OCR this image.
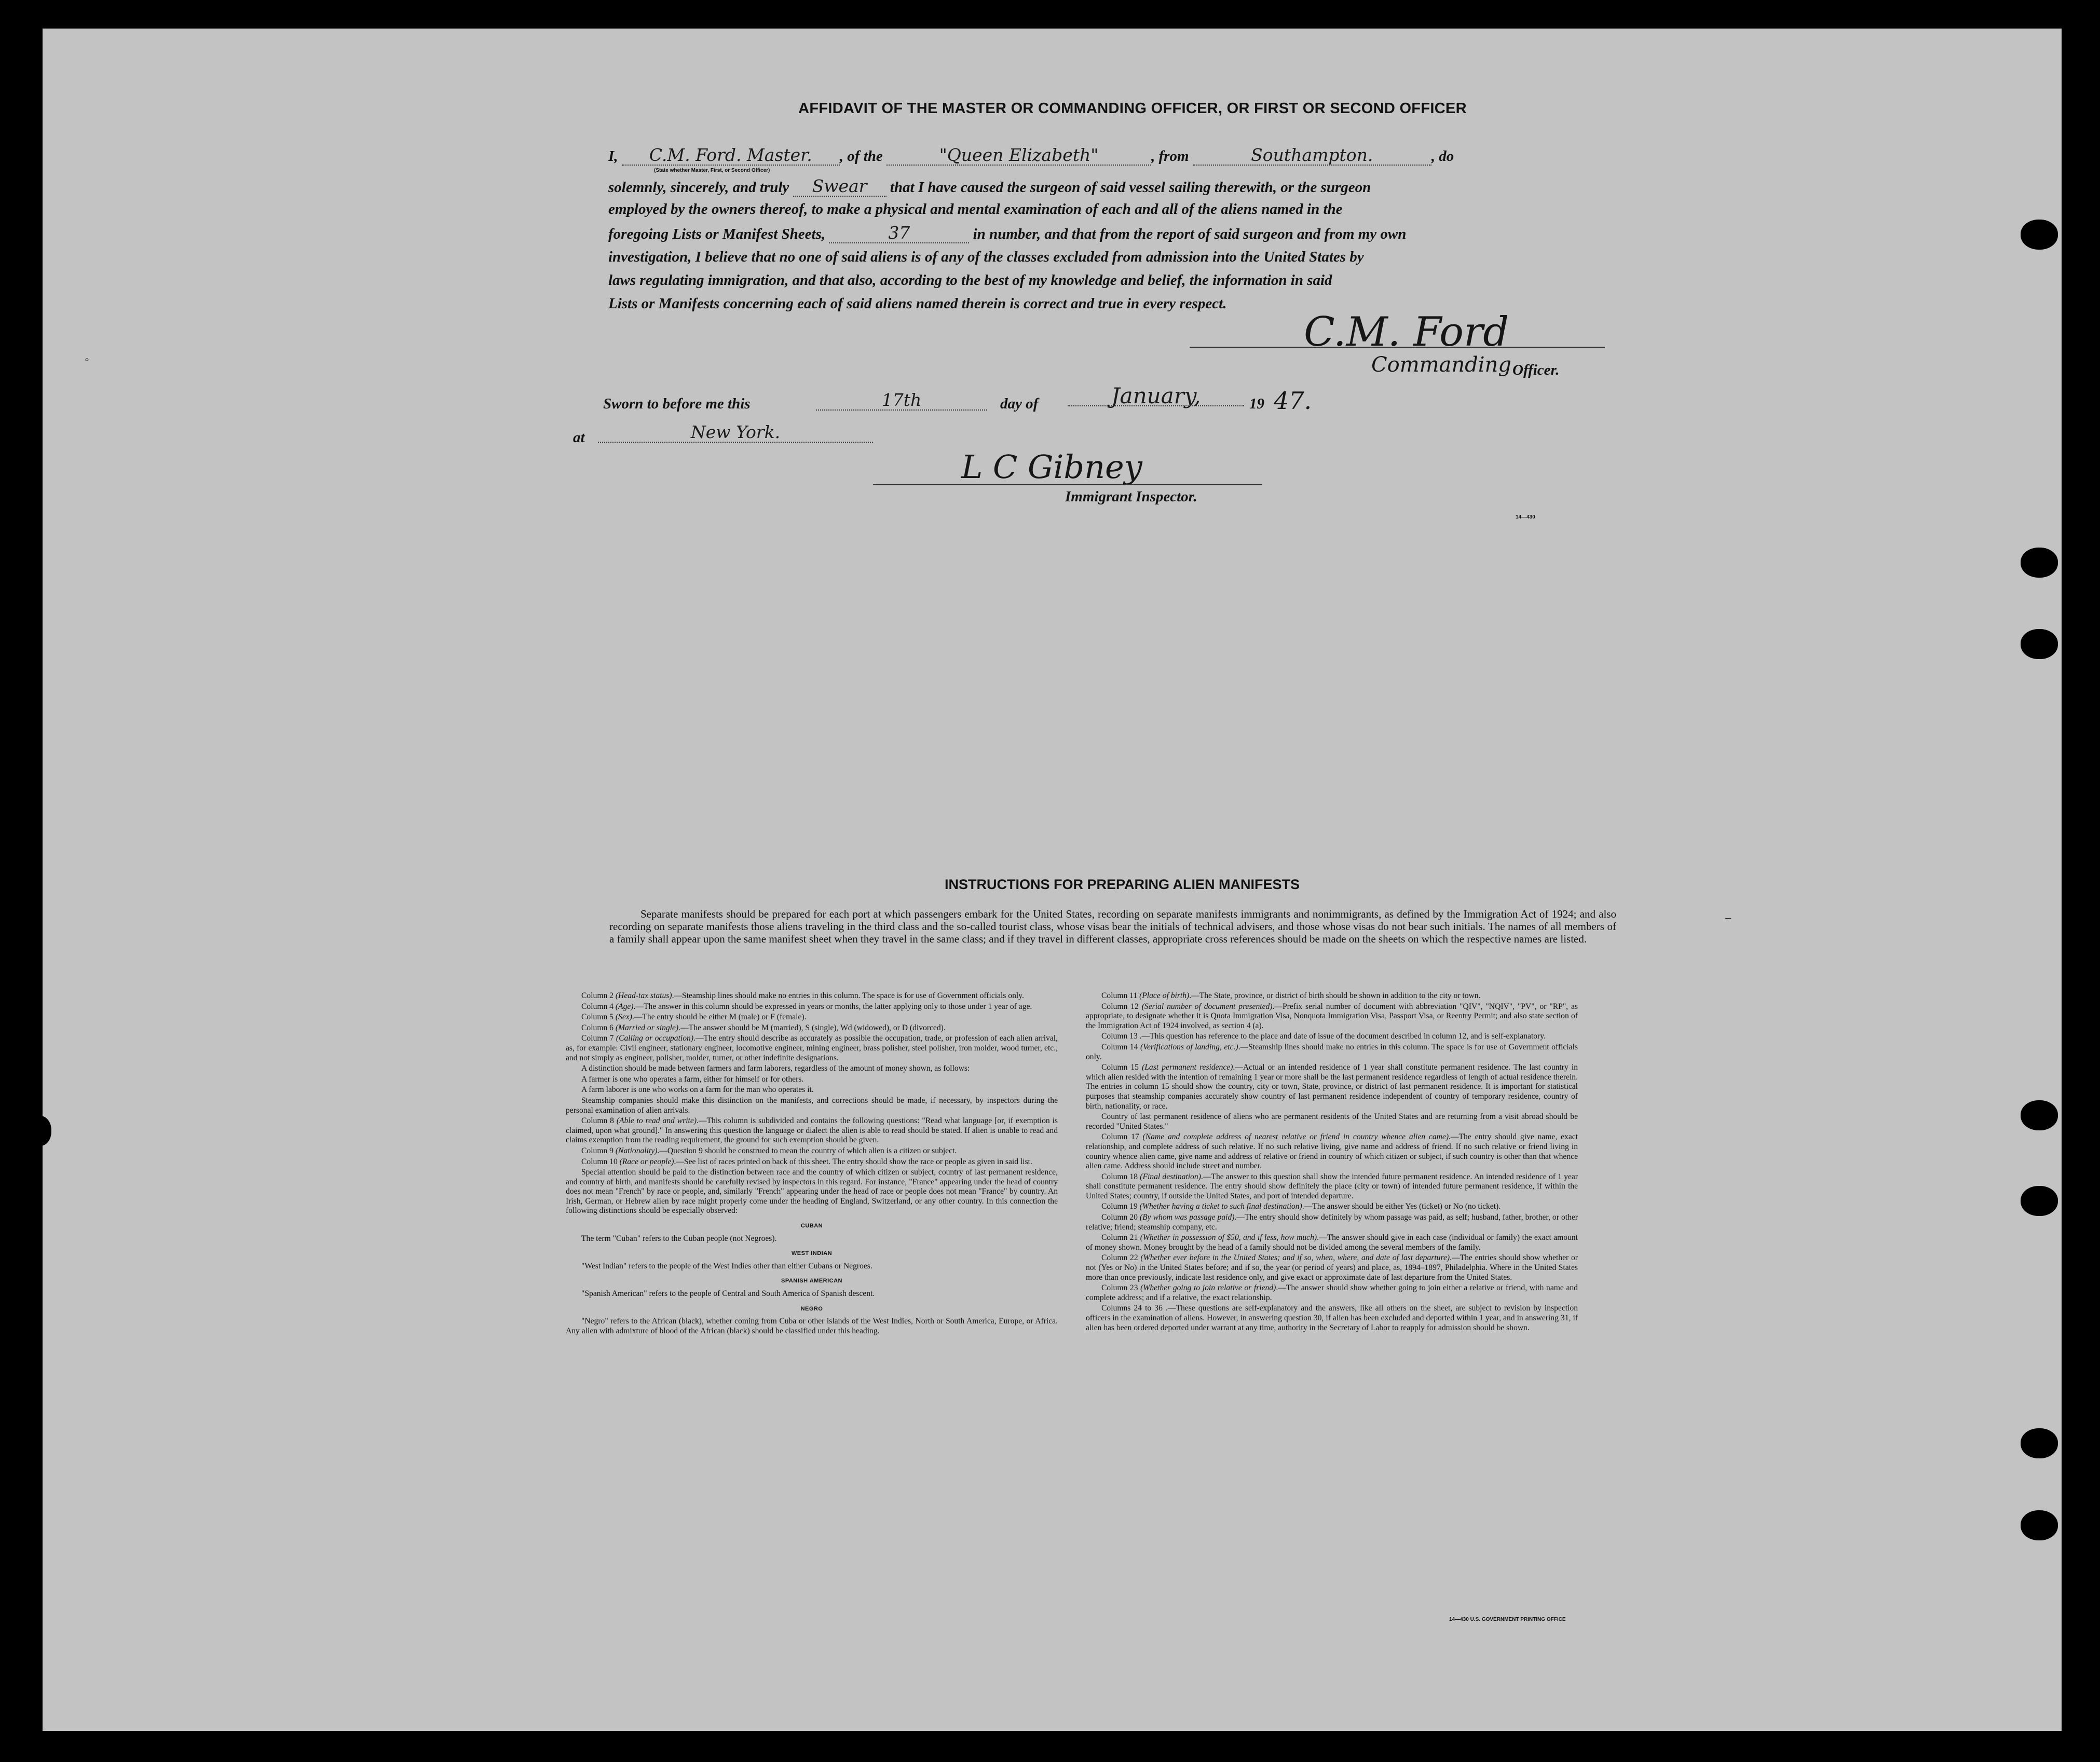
AFFIDAVIT OF THE MASTER OR COMMANDING OFFICER, OR FIRST OR SECOND OFFICER
I, C.M. Ford. Master. , of the	"Queen Elizabeth"	, from	Southampton.	, do
(State whether Master, First, or Second Officer)
solemnly, sincerely, and truly Swear that I have caused the surgeon of said vessel sailing therewith, or the surgeon
employed by the owners thereof, to make a physical and mental examination of each and all of the aliens named in the
foregoing Lists or Manifest Sheets,	37	in number, and that from the report of said surgeon and from my own
investigation, I believe that no one of said aliens is of any of the classes excluded from admission into the United States by
laws regulating immigration, and that also, according to the best of my knowledge and belief, the information in said
Lists or Manifests concerning each of said aliens named therein is correct and true in every respect.
C.M. Ford
Commanding Officer.
Sworn to before me this	17th	day of	January,	19 47.
at	New York.
L C Gibney
Immigrant Inspector.
14—430
∘
_
INSTRUCTIONS FOR PREPARING ALIEN MANIFESTS
Separate manifests should be prepared for each port at which passengers embark for the United States, recording on separate manifests immigrants and nonimmigrants, as defined by the Immigration Act of 1924; and also recording on separate manifests those aliens traveling in the third class and the so-called tourist class, whose visas bear the initials of technical advisers, and those whose visas do not bear such initials. The names of all members of a family shall appear upon the same manifest sheet when they travel in the same class; and if they travel in different classes, appropriate cross references should be made on the sheets on which the respective names are listed.

Column 2 (Head-tax status).—Steamship lines should make no entries in this column. The space is for use of Government officials only.

Column 4 (Age).—The answer in this column should be expressed in years or months, the latter applying only to those under 1 year of age.

Column 5 (Sex).—The entry should be either M (male) or F (female).

Column 6 (Married or single).—The answer should be M (married), S (single), Wd (widowed), or D (divorced).

Column 7 (Calling or occupation).—The entry should describe as accurately as possible the occupation, trade, or profession of each alien arrival, as, for example: Civil engineer, stationary engineer, locomotive engineer, mining engineer, brass polisher, steel polisher, iron molder, wood turner, etc., and not simply as engineer, polisher, molder, turner, or other indefinite designations.

A distinction should be made between farmers and farm laborers, regardless of the amount of money shown, as follows:

A farmer is one who operates a farm, either for himself or for others.

A farm laborer is one who works on a farm for the man who operates it.

Steamship companies should make this distinction on the manifests, and corrections should be made, if necessary, by inspectors during the personal examination of alien arrivals.

Column 8 (Able to read and write).—This column is subdivided and contains the following questions: "Read what language [or, if exemption is claimed, upon what ground]." In answering this question the language or dialect the alien is able to read should be stated. If alien is unable to read and claims exemption from the reading requirement, the ground for such exemption should be given.

Column 9 (Nationality).—Question 9 should be construed to mean the country of which alien is a citizen or subject.

Column 10 (Race or people).—See list of races printed on back of this sheet. The entry should show the race or people as given in said list.

Special attention should be paid to the distinction between race and the country of which citizen or subject, country of last permanent residence, and country of birth, and manifests should be carefully revised by inspectors in this regard. For instance, "France" appearing under the head of country does not mean "French" by race or people, and, similarly "French" appearing under the head of race or people does not mean "France" by country. An Irish, German, or Hebrew alien by race might properly come under the heading of England, Switzerland, or any other country. In this connection the following distinctions should be especially observed:

CUBAN

The term "Cuban" refers to the Cuban people (not Negroes).

WEST INDIAN

"West Indian" refers to the people of the West Indies other than either Cubans or Negroes.

SPANISH AMERICAN

"Spanish American" refers to the people of Central and South America of Spanish descent.

NEGRO

"Negro" refers to the African (black), whether coming from Cuba or other islands of the West Indies, North or South America, Europe, or Africa. Any alien with admixture of blood of the African (black) should be classified under this heading.

Column 11 (Place of birth).—The State, province, or district of birth should be shown in addition to the city or town.

Column 12 (Serial number of document presented).—Prefix serial number of document with abbreviation "QIV", "NQIV", "PV", or "RP", as appropriate, to designate whether it is Quota Immigration Visa, Nonquota Immigration Visa, Passport Visa, or Reentry Permit; and also state section of the Immigration Act of 1924 involved, as section 4 (a).

Column 13 .—This question has reference to the place and date of issue of the document described in column 12, and is self-explanatory.

Column 14 (Verifications of landing, etc.).—Steamship lines should make no entries in this column. The space is for use of Government officials only.

Column 15 (Last permanent residence).—Actual or an intended residence of 1 year shall constitute permanent residence. The last country in which alien resided with the intention of remaining 1 year or more shall be the last permanent residence regardless of length of actual residence therein. The entries in column 15 should show the country, city or town, State, province, or district of last permanent residence. It is important for statistical purposes that steamship companies accurately show country of last permanent residence independent of country of temporary residence, country of birth, nationality, or race.

Country of last permanent residence of aliens who are permanent residents of the United States and are returning from a visit abroad should be recorded "United States."

Column 17 (Name and complete address of nearest relative or friend in country whence alien came).—The entry should give name, exact relationship, and complete address of such relative. If no such relative living, give name and address of friend. If no such relative or friend living in country whence alien came, give name and address of relative or friend in country of which citizen or subject, if such country is other than that whence alien came. Address should include street and number.

Column 18 (Final destination).—The answer to this question shall show the intended future permanent residence. An intended residence of 1 year shall constitute permanent residence. The entry should show definitely the place (city or town) of intended future permanent residence, if within the United States; country, if outside the United States, and port of intended departure.

Column 19 (Whether having a ticket to such final destination).—The answer should be either Yes (ticket) or No (no ticket).

Column 20 (By whom was passage paid).—The entry should show definitely by whom passage was paid, as self; husband, father, brother, or other relative; friend; steamship company, etc.

Column 21 (Whether in possession of $50, and if less, how much).—The answer should give in each case (individual or family) the exact amount of money shown. Money brought by the head of a family should not be divided among the several members of the family.

Column 22 (Whether ever before in the United States; and if so, when, where, and date of last departure).—The entries should show whether or not (Yes or No) in the United States before; and if so, the year (or period of years) and place, as, 1894–1897, Philadelphia. Where in the United States more than once previously, indicate last residence only, and give exact or approximate date of last departure from the United States.

Column 23 (Whether going to join relative or friend).—The answer should show whether going to join either a relative or friend, with name and complete address; and if a relative, the exact relationship.

Columns 24 to 36 .—These questions are self-explanatory and the answers, like all others on the sheet, are subject to revision by inspection officers in the examination of aliens. However, in answering question 30, if alien has been excluded and deported within 1 year, and in answering 31, if alien has been ordered deported under warrant at any time, authority in the Secretary of Labor to reapply for admission should be shown.

14—430 U.S. GOVERNMENT PRINTING OFFICE
